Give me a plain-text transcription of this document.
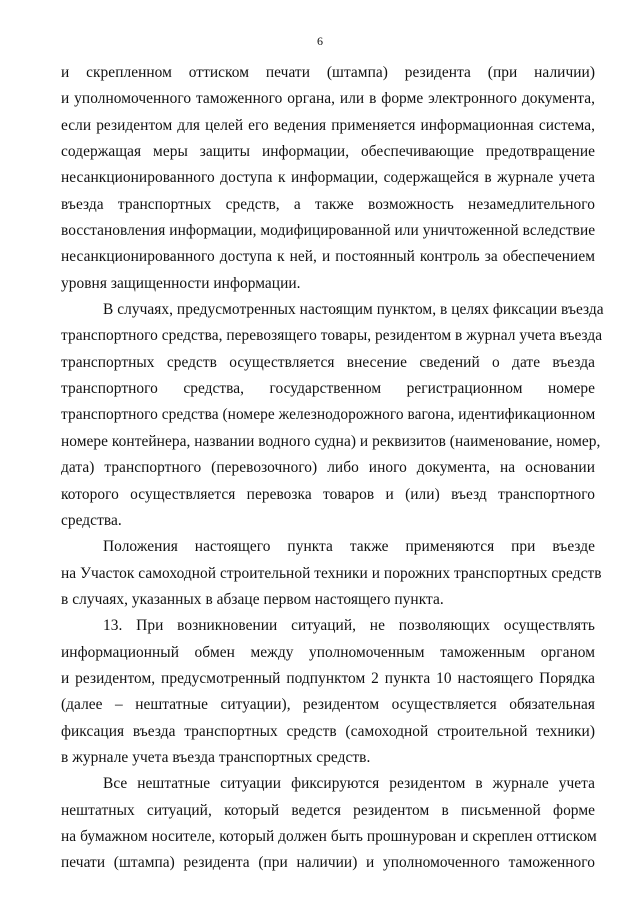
6
и скрепленном оттиском печати (штампа) резидента (при наличии)
и уполномоченного таможенного органа, или в форме электронного документа,
если резидентом для целей его ведения применяется информационная система,
содержащая меры защиты информации, обеспечивающие предотвращение
несанкционированного доступа к информации, содержащейся в журнале учета
въезда транспортных средств, а также возможность незамедлительного
восстановления информации, модифицированной или уничтоженной вследствие
несанкционированного доступа к ней, и постоянный контроль за обеспечением
уровня защищенности информации.
В случаях, предусмотренных настоящим пунктом, в целях фиксации въезда
транспортного средства, перевозящего товары, резидентом в журнал учета въезда
транспортных средств осуществляется внесение сведений о дате въезда
транспортного средства, государственном регистрационном номере
транспортного средства (номере железнодорожного вагона, идентификационном
номере контейнера, названии водного судна) и реквизитов (наименование, номер,
дата) транспортного (перевозочного) либо иного документа, на основании
которого осуществляется перевозка товаров и (или) въезд транспортного
средства.
Положения настоящего пункта также применяются при въезде
на Участок самоходной строительной техники и порожних транспортных средств
в случаях, указанных в абзаце первом настоящего пункта.
13. При возникновении ситуаций, не позволяющих осуществлять
информационный обмен между уполномоченным таможенным органом
и резидентом, предусмотренный подпунктом 2 пункта 10 настоящего Порядка
(далее – нештатные ситуации), резидентом осуществляется обязательная
фиксация въезда транспортных средств (самоходной строительной техники)
в журнале учета въезда транспортных средств.
Все нештатные ситуации фиксируются резидентом в журнале учета
нештатных ситуаций, который ведется резидентом в письменной форме
на бумажном носителе, который должен быть прошнурован и скреплен оттиском
печати (штампа) резидента (при наличии) и уполномоченного таможенного
